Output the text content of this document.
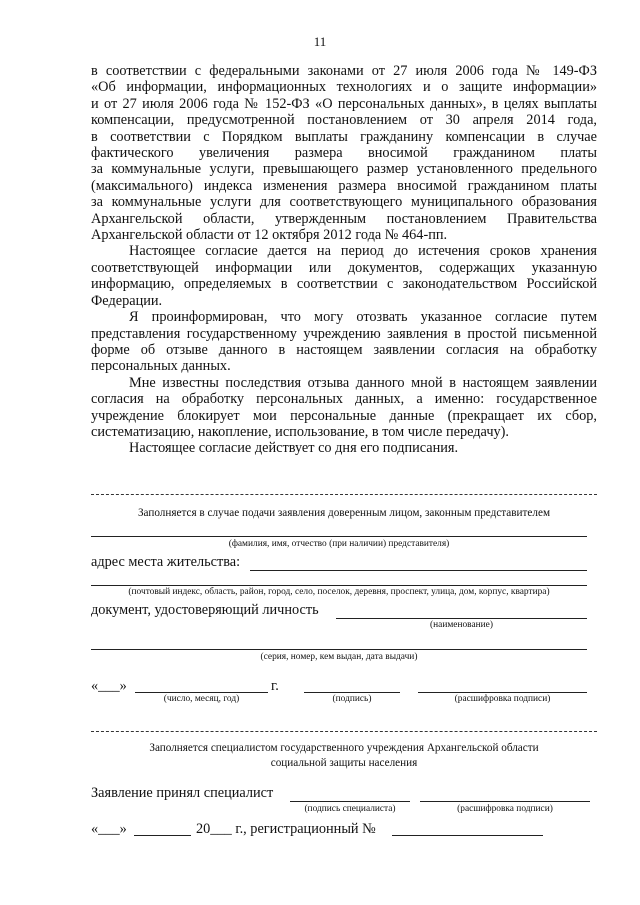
11
в соответствии с федеральными законами от 27 июля 2006 года № 149-ФЗ
«Об информации, информационных технологиях и о защите информации»
и от 27 июля 2006 года № 152-ФЗ «О персональных данных», в целях выплаты
компенсации, предусмотренной постановлением от 30 апреля 2014 года,
в соответствии с Порядком выплаты гражданину компенсации в случае
фактического увеличения размера вносимой гражданином платы
за коммунальные услуги, превышающего размер установленного предельного
(максимального) индекса изменения размера вносимой гражданином платы
за коммунальные услуги для соответствующего муниципального образования
Архангельской области, утвержденным постановлением Правительства
Архангельской области от 12 октября 2012 года № 464-пп.
Настоящее согласие дается на период до истечения сроков хранения
соответствующей информации или документов, содержащих указанную
информацию, определяемых в соответствии с законодательством Российской
Федерации.
Я проинформирован, что могу отозвать указанное согласие путем
представления государственному учреждению заявления в простой письменной
форме об отзыве данного в настоящем заявлении согласия на обработку
персональных данных.
Мне известны последствия отзыва данного мной в настоящем заявлении
согласия на обработку персональных данных, а именно: государственное
учреждение блокирует мои персональные данные (прекращает их сбор,
систематизацию, накопление, использование, в том числе передачу).
Настоящее согласие действует со дня его подписания.
Заполняется в случае подачи заявления доверенным лицом, законным представителем
(фамилия, имя, отчество (при наличии) представителя)
адрес места жительства:
(почтовый индекс, область, район, город, село, поселок, деревня, проспект, улица, дом, корпус, квартира)
документ, удостоверяющий личность
(наименование)
(серия, номер, кем выдан, дата выдачи)
«___»	г.
(число, месяц, год)	(подпись)	(расшифровка подписи)
Заполняется специалистом государственного учреждения Архангельской области
социальной защиты населения
Заявление принял специалист
(подпись специалиста)	(расшифровка подписи)
«___»	20___ г., регистрационный №
